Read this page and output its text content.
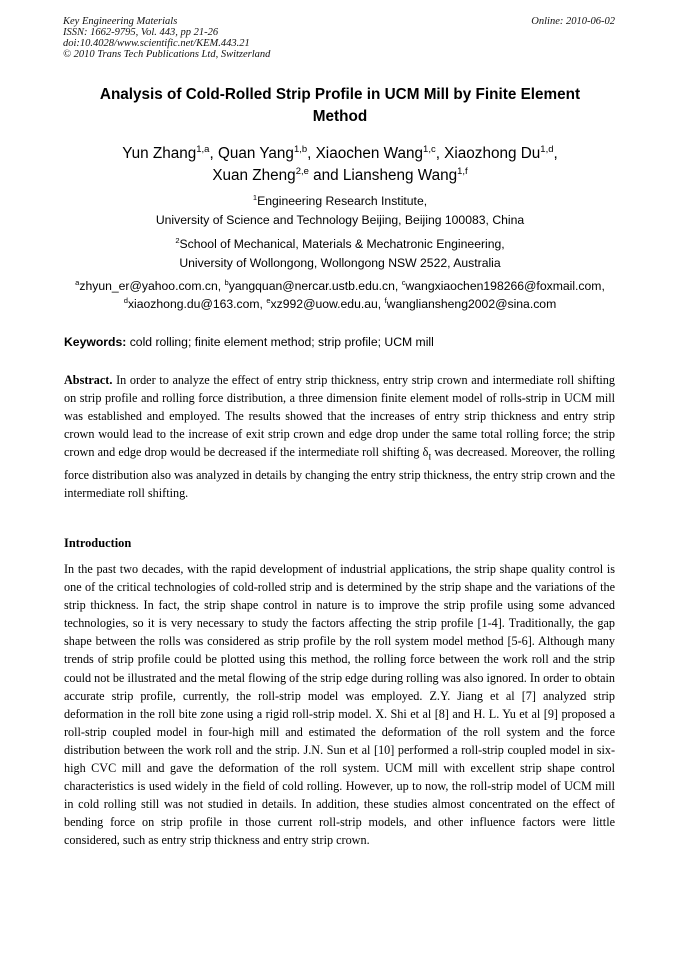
Key Engineering Materials
ISSN: 1662-9795, Vol. 443, pp 21-26
doi:10.4028/www.scientific.net/KEM.443.21
© 2010 Trans Tech Publications Ltd, Switzerland
Online: 2010-06-02
Analysis of Cold-Rolled Strip Profile in UCM Mill by Finite Element
Method
Yun Zhang$^{1,a}$, Quan Yang$^{1,b}$, Xiaochen Wang$^{1,c}$, Xiaozhong Du$^{1,d}$,
Xuan Zheng$^{2,e}$ and Liansheng Wang$^{1,f}$
$^1$Engineering Research Institute,
University of Science and Technology Beijing, Beijing 100083, China
$^2$School of Mechanical, Materials & Mechatronic Engineering,
University of Wollongong, Wollongong NSW 2522, Australia
$^a$zhyun_er@yahoo.com.cn, $^b$yangquan@nercar.ustb.edu.cn, $^c$wangxiaochen198266@foxmail.com,
$^d$xiaozhong.du@163.com, $^e$xz992@uow.edu.au, $^f$wangliansheng2002@sina.com
Keywords: cold rolling; finite element method; strip profile; UCM mill

Abstract. In order to analyze the effect of entry strip thickness, entry strip crown and intermediate roll shifting on strip profile and rolling force distribution, a three dimension finite element model of rolls-strip in UCM mill was established and employed. The results showed that the increases of entry strip thickness and entry strip crown would lead to the increase of exit strip crown and edge drop under the same total rolling force; the strip crown and edge drop would be decreased if the intermediate roll shifting $\delta_I$ was decreased. Moreover, the rolling force distribution also was analyzed in details by changing the entry strip thickness, the entry strip crown and the intermediate roll shifting.

Introduction

In the past two decades, with the rapid development of industrial applications, the strip shape quality control is one of the critical technologies of cold-rolled strip and is determined by the strip shape and the variations of the strip thickness. In fact, the strip shape control in nature is to improve the strip profile using some advanced technologies, so it is very necessary to study the factors affecting the strip profile [1-4]. Traditionally, the gap shape between the rolls was considered as strip profile by the roll system model method [5-6]. Although many trends of strip profile could be plotted using this method, the rolling force between the work roll and the strip could not be illustrated and the metal flowing of the strip edge during rolling was also ignored. In order to obtain accurate strip profile, currently, the roll-strip model was employed. Z.Y. Jiang et al [7] analyzed strip deformation in the roll bite zone using a rigid roll-strip model. X. Shi et al [8] and H. L. Yu et al [9] proposed a roll-strip coupled model in four-high mill and estimated the deformation of the roll system and the force distribution between the work roll and the strip. J.N. Sun et al [10] performed a roll-strip coupled model in six-high CVC mill and gave the deformation of the roll system. UCM mill with excellent strip shape control characteristics is used widely in the field of cold rolling. However, up to now, the roll-strip model of UCM mill in cold rolling still was not studied in details. In addition, these studies almost concentrated on the effect of bending force on strip profile in those current roll-strip models, and other influence factors were little considered, such as entry strip thickness and entry strip crown.
